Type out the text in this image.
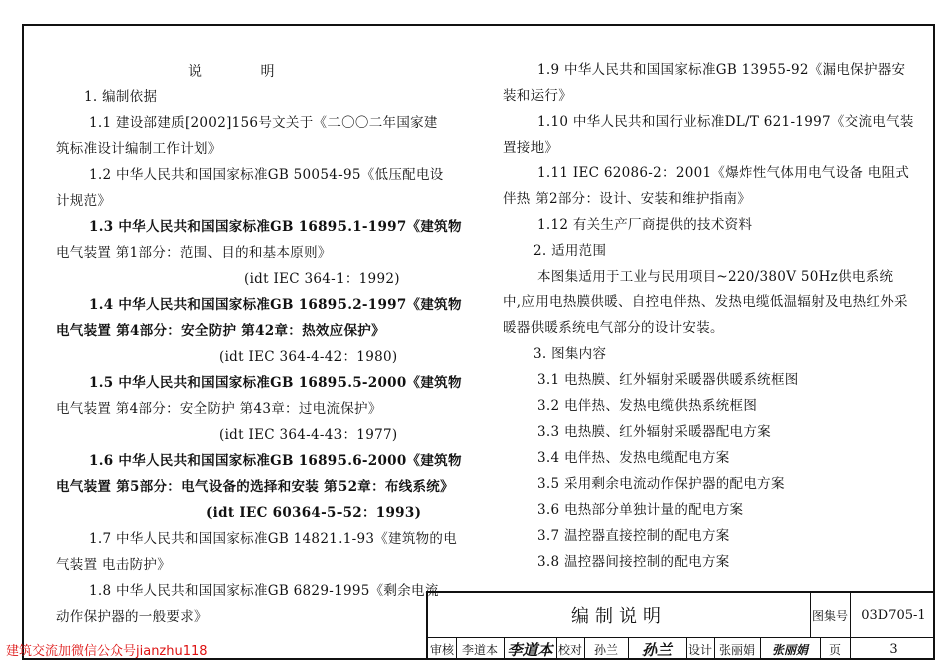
说	明
1. 编制依据
1.1 建设部建质[2002]156号文关于《二〇〇二年国家建
筑标准设计编制工作计划》
1.2 中华人民共和国国家标准GB 50054-95《低压配电设
计规范》
1.3 中华人民共和国国家标准GB 16895.1-1997《建筑物
电气装置 第1部分：范围、目的和基本原则》
(idt IEC 364-1：1992)
1.4 中华人民共和国国家标准GB 16895.2-1997《建筑物
电气装置 第4部分：安全防护 第42章：热效应保护》
(idt IEC 364-4-42：1980)
1.5 中华人民共和国国家标准GB 16895.5-2000《建筑物
电气装置 第4部分：安全防护 第43章：过电流保护》
(idt IEC 364-4-43：1977)
1.6 中华人民共和国国家标准GB 16895.6-2000《建筑物
电气装置 第5部分：电气设备的选择和安装 第52章：布线系统》
(idt IEC 60364-5-52：1993)
1.7 中华人民共和国国家标准GB 14821.1-93《建筑物的电
气装置 电击防护》
1.8 中华人民共和国国家标准GB 6829-1995《剩余电流
动作保护器的一般要求》
1.9 中华人民共和国国家标准GB 13955-92《漏电保护器安
装和运行》
1.10 中华人民共和国行业标准DL/T 621-1997《交流电气装
置接地》
1.11 IEC 62086-2：2001《爆炸性气体用电气设备 电阻式
伴热 第2部分：设计、安装和维护指南》
1.12 有关生产厂商提供的技术资料
2. 适用范围
本图集适用于工业与民用项目~220/380V 50Hz供电系统
中,应用电热膜供暖、自控电伴热、发热电缆低温辐射及电热红外采
暖器供暖系统电气部分的设计安装。
3. 图集内容
3.1 电热膜、红外辐射采暖器供暖系统框图
3.2 电伴热、发热电缆供热系统框图
3.3 电热膜、红外辐射采暖器配电方案
3.4 电伴热、发热电缆配电方案
3.5 采用剩余电流动作保护器的配电方案
3.6 电热部分单独计量的配电方案
3.7 温控器直接控制的配电方案
3.8 温控器间接控制的配电方案
编制说明	图集号	03D705-1
审核 李道本 李道本 校对 孙兰	孙兰	设计 张丽娟	张丽娟	页	3
建筑交流加微信公众号jianzhu118
